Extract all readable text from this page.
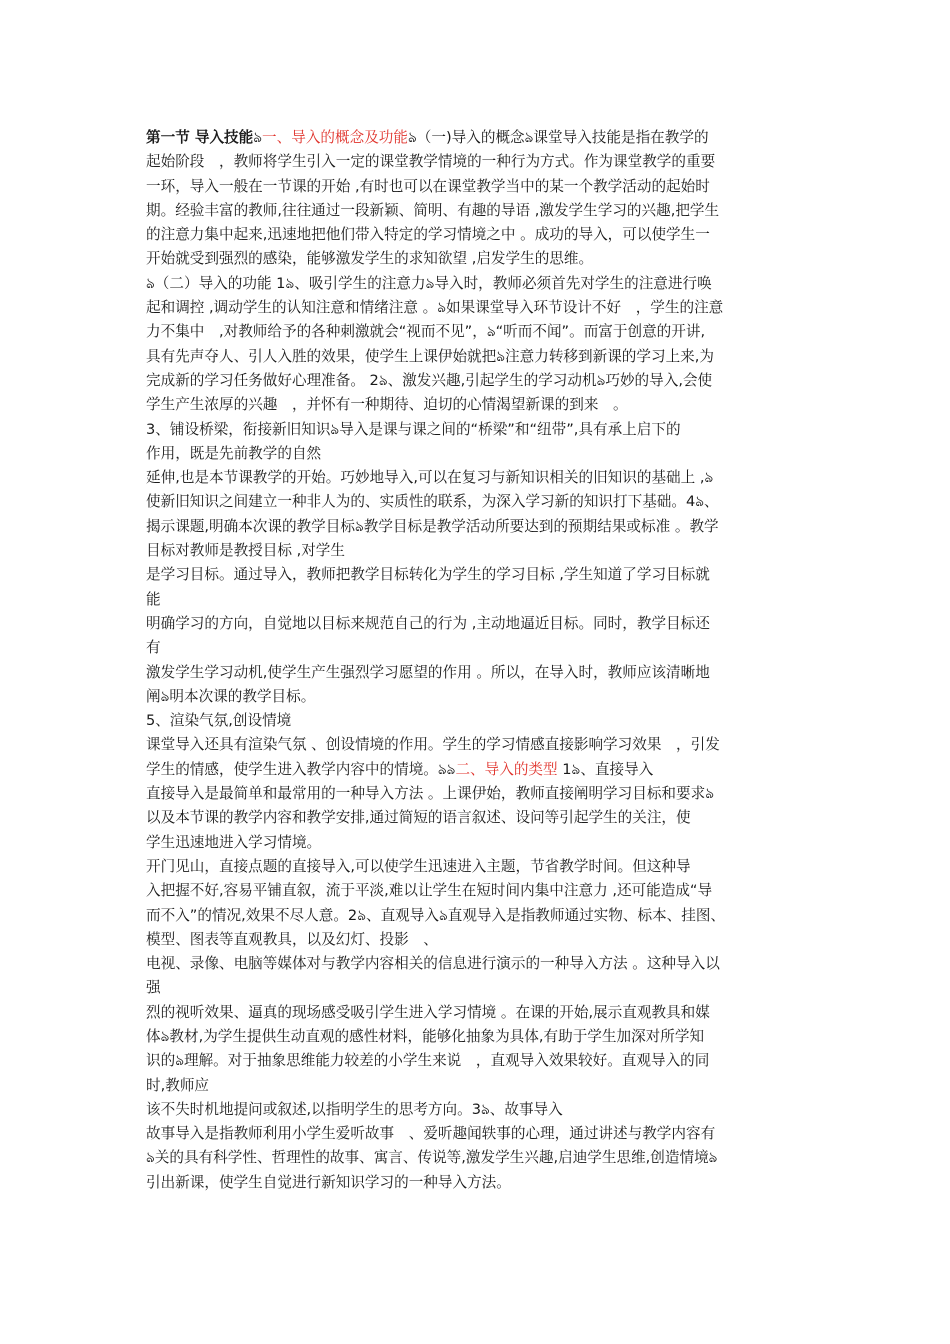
第一节 导入技能ঌ一、导入的概念及功能ঌ（一)导入的概念ঌ课堂导入技能是指在教学的
起始阶段　，教师将学生引入一定的课堂教学情境的一种行为方式。作为课堂教学的重要
一环，导入一般在一节课的开始 ,有时也可以在课堂教学当中的某一个教学活动的起始时
期。经验丰富的教师,往往通过一段新颖、简明、有趣的导语 ,激发学生学习的兴趣,把学生
的注意力集中起来,迅速地把他们带入特定的学习情境之中 。成功的导入，可以使学生一
开始就受到强烈的感染，能够激发学生的求知欲望 ,启发学生的思维。
ঌ（二）导入的功能 1ঌ、吸引学生的注意力ঌ导入时，教师必须首先对学生的注意进行唤
起和调控 ,调动学生的认知注意和情绪注意 。ঌ如果课堂导入环节设计不好　，学生的注意
力不集中　,对教师给予的各种刺激就会“视而不见”，ঌ“听而不闻”。而富于创意的开讲,
具有先声夺人、引人入胜的效果，使学生上课伊始就把ঌ注意力转移到新课的学习上来,为
完成新的学习任务做好心理准备。 2ঌ、激发兴趣,引起学生的学习动机ঌ巧妙的导入,会使
学生产生浓厚的兴趣　，并怀有一种期待、迫切的心情渴望新课的到来　。
3、铺设桥梁，衔接新旧知识ঌ导入是课与课之间的“桥梁”和“纽带”,具有承上启下的
作用，既是先前教学的自然
延伸,也是本节课教学的开始。巧妙地导入,可以在复习与新知识相关的旧知识的基础上 ,ঌ
使新旧知识之间建立一种非人为的、实质性的联系，为深入学习新的知识打下基础。4ঌ、
揭示课题,明确本次课的教学目标ঌ教学目标是教学活动所要达到的预期结果或标准 。教学
目标对教师是教授目标 ,对学生
是学习目标。通过导入，教师把教学目标转化为学生的学习目标 ,学生知道了学习目标就
能
明确学习的方向，自觉地以目标来规范自己的行为 ,主动地逼近目标。同时，教学目标还
有
激发学生学习动机,使学生产生强烈学习愿望的作用 。所以，在导入时，教师应该清晰地
阐ঌ明本次课的教学目标。
5、渲染气氛,创设情境
课堂导入还具有渲染气氛 、创设情境的作用。学生的学习情感直接影响学习效果　，引发
学生的情感，使学生进入教学内容中的情境。ঌঌ二、导入的类型 1ঌ、直接导入
直接导入是最简单和最常用的一种导入方法 。上课伊始，教师直接阐明学习目标和要求ঌ
以及本节课的教学内容和教学安排,通过简短的语言叙述、设问等引起学生的关注，使
学生迅速地进入学习情境。
开门见山，直接点题的直接导入,可以使学生迅速进入主题，节省教学时间。但这种导
入把握不好,容易平铺直叙，流于平淡,难以让学生在短时间内集中注意力 ,还可能造成“导
而不入”的情况,效果不尽人意。2ঌ、直观导入ঌ直观导入是指教师通过实物、标本、挂图、
模型、图表等直观教具，以及幻灯、投影　、
电视、录像、电脑等媒体对与教学内容相关的信息进行演示的一种导入方法 。这种导入以
强
烈的视听效果、逼真的现场感受吸引学生进入学习情境 。在课的开始,展示直观教具和媒
体ঌ教材,为学生提供生动直观的感性材料，能够化抽象为具体,有助于学生加深对所学知
识的ঌ理解。对于抽象思维能力较差的小学生来说　，直观导入效果较好。直观导入的同
时,教师应
该不失时机地提问或叙述,以指明学生的思考方向。3ঌ、故事导入
故事导入是指教师利用小学生爱听故事　、爱听趣闻轶事的心理，通过讲述与教学内容有
ঌ关的具有科学性、哲理性的故事、寓言、传说等,激发学生兴趣,启迪学生思维,创造情境ঌ
引出新课，使学生自觉进行新知识学习的一种导入方法。
